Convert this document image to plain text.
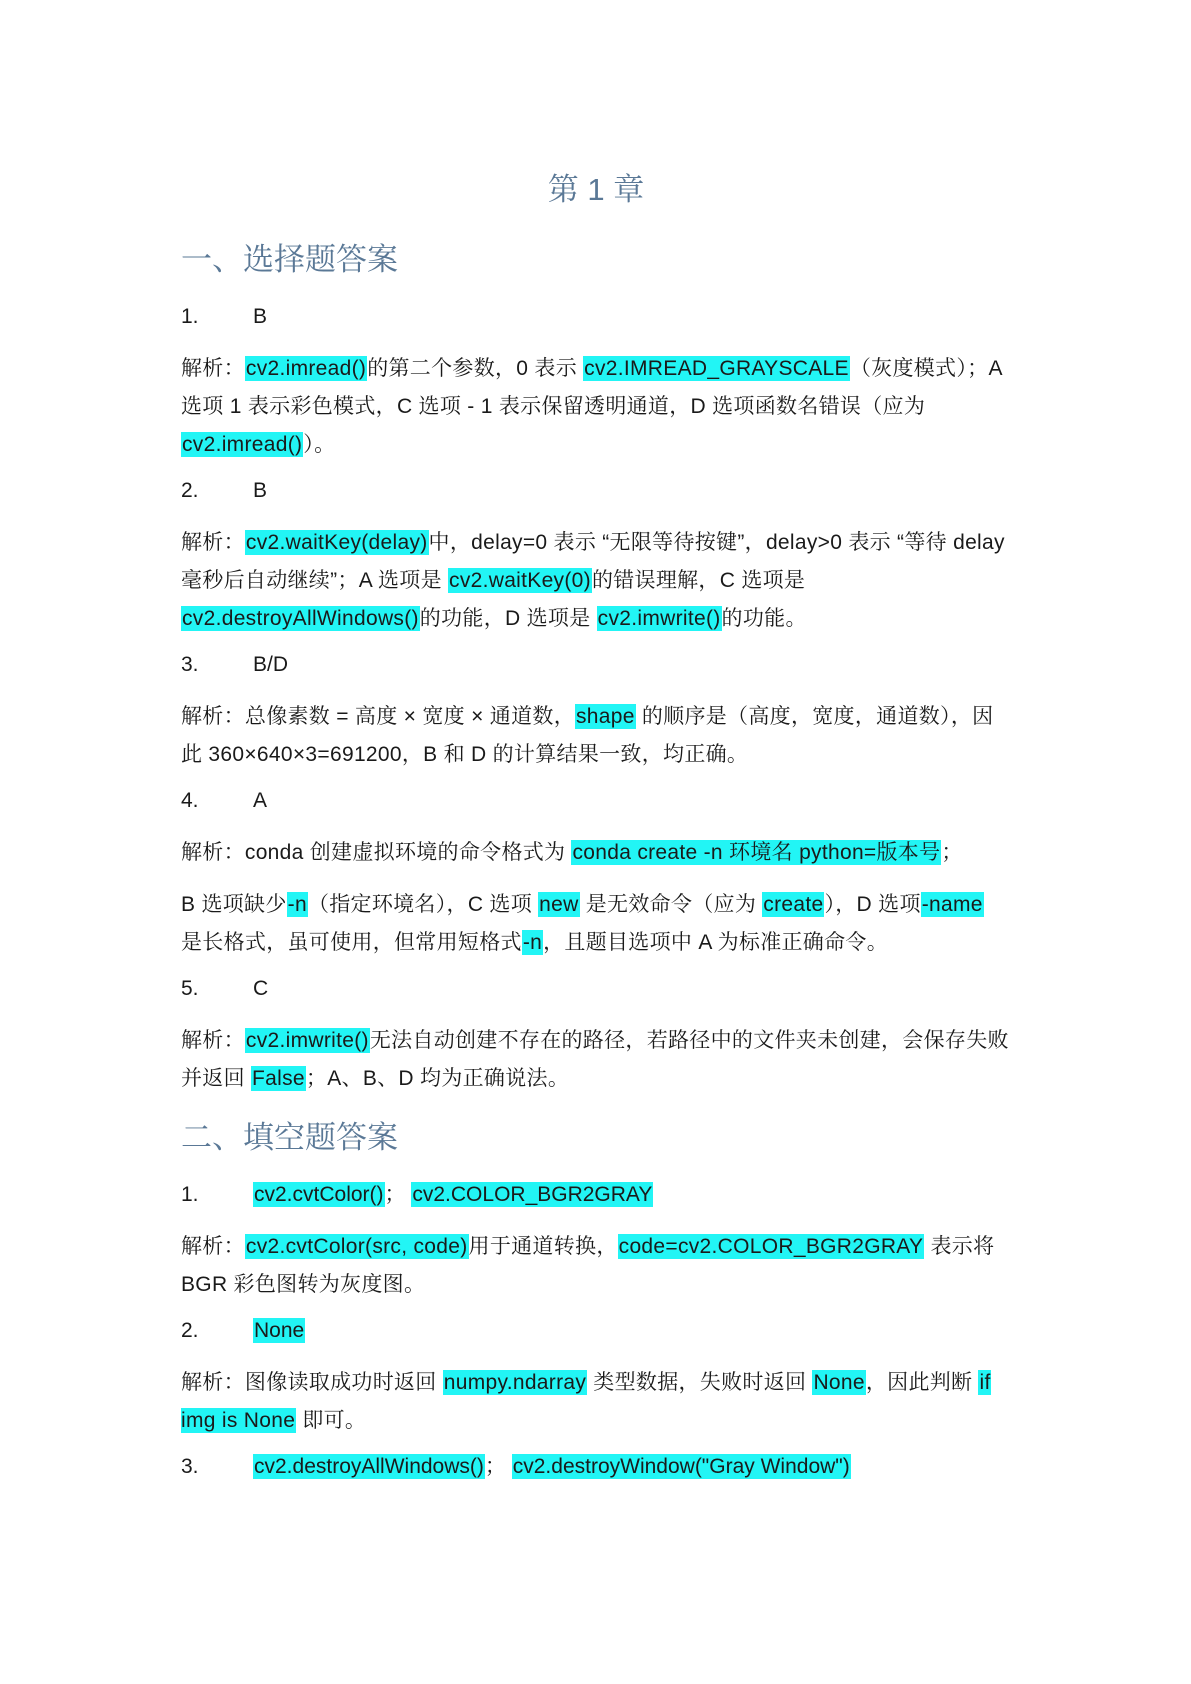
第 1 章
一、选择题答案
1.	B

解析：cv2.imread()的第二个参数，0 表示 cv2.IMREAD_GRAYSCALE（灰度模式）；A 选项 1 表示彩色模式，C 选项 - 1 表示保留透明通道，D 选项函数名错误（应为 cv2.imread()）。

2.	B

解析：cv2.waitKey(delay)中，delay=0 表示 “无限等待按键”，delay>0 表示 “等待 delay 毫秒后自动继续”；A 选项是 cv2.waitKey(0)的错误理解，C 选项是 cv2.destroyAllWindows()的功能，D 选项是 cv2.imwrite()的功能。

3.	B/D

解析：总像素数 = 高度 × 宽度 × 通道数，shape 的顺序是（高度，宽度，通道数），因此 360×640×3=691200，B 和 D 的计算结果一致，均正确。

4.	A

解析：conda 创建虚拟环境的命令格式为 conda create -n 环境名 python=版本号；

B 选项缺少-n（指定环境名），C 选项 new 是无效命令（应为 create），D 选项-name 是长格式，虽可使用，但常用短格式-n，且题目选项中 A 为标准正确命令。

5.	C

解析：cv2.imwrite()无法自动创建不存在的路径，若路径中的文件夹未创建，会保存失败并返回 False；A、B、D 均为正确说法。

二、填空题答案
1.	cv2.cvtColor()； cv2.COLOR_BGR2GRAY

解析：cv2.cvtColor(src, code)用于通道转换，code=cv2.COLOR_BGR2GRAY 表示将 BGR 彩色图转为灰度图。

2.	None

解析：图像读取成功时返回 numpy.ndarray 类型数据，失败时返回 None，因此判断 if img is None 即可。

3.	cv2.destroyAllWindows()； cv2.destroyWindow("Gray Window")
